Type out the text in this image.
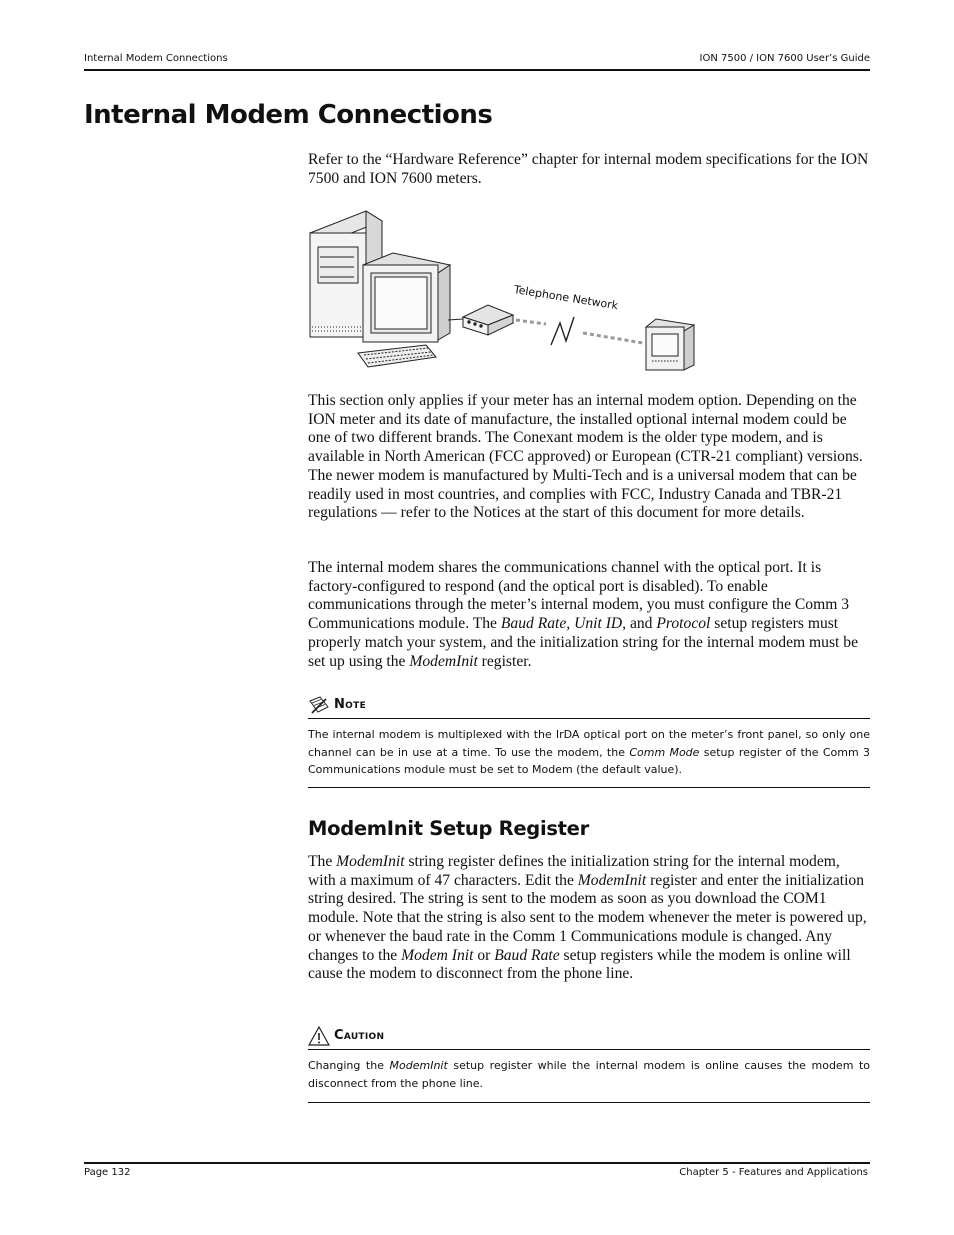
Internal Modem Connections	ION 7500 / ION 7600 User’s Guide
Internal Modem Connections

Refer to the “Hardware Reference” chapter for internal modem specifications for the ION 7500 and ION 7600 meters.

Telephone Network

This section only applies if your meter has an internal modem option. Depending on the ION meter and its date of manufacture, the installed optional internal modem could be one of two different brands. The Conexant modem is the older type modem, and is available in North American (FCC approved) or European (CTR-21 compliant) versions. The newer modem is manufactured by Multi-Tech and is a universal modem that can be readily used in most countries, and complies with FCC, Industry Canada and TBR-21 regulations — refer to the Notices at the start of this document for more details.

The internal modem shares the communications channel with the optical port. It is factory-configured to respond (and the optical port is disabled). To enable communications through the meter’s internal modem, you must configure the Comm 3 Communications module. The Baud Rate, Unit ID, and Protocol setup registers must properly match your system, and the initialization string for the internal modem must be set up using the ModemInit register.

Note

The internal modem is multiplexed with the IrDA optical port on the meter’s front panel, so only one channel can be in use at a time. To use the modem, the Comm Mode setup register of the Comm 3 Communications module must be set to Modem (the default value).

ModemInit Setup Register

The ModemInit string register defines the initialization string for the internal modem, with a maximum of 47 characters. Edit the ModemInit register and enter the initialization string desired. The string is sent to the modem as soon as you download the COM1 module. Note that the string is also sent to the modem whenever the meter is powered up, or whenever the baud rate in the Comm 1 Communications module is changed. Any changes to the Modem Init or Baud Rate setup registers while the modem is online will cause the modem to disconnect from the phone line.

Caution

Changing the ModemInit setup register while the internal modem is online causes the modem to disconnect from the phone line.

Page 132	Chapter 5 - Features and Applications
